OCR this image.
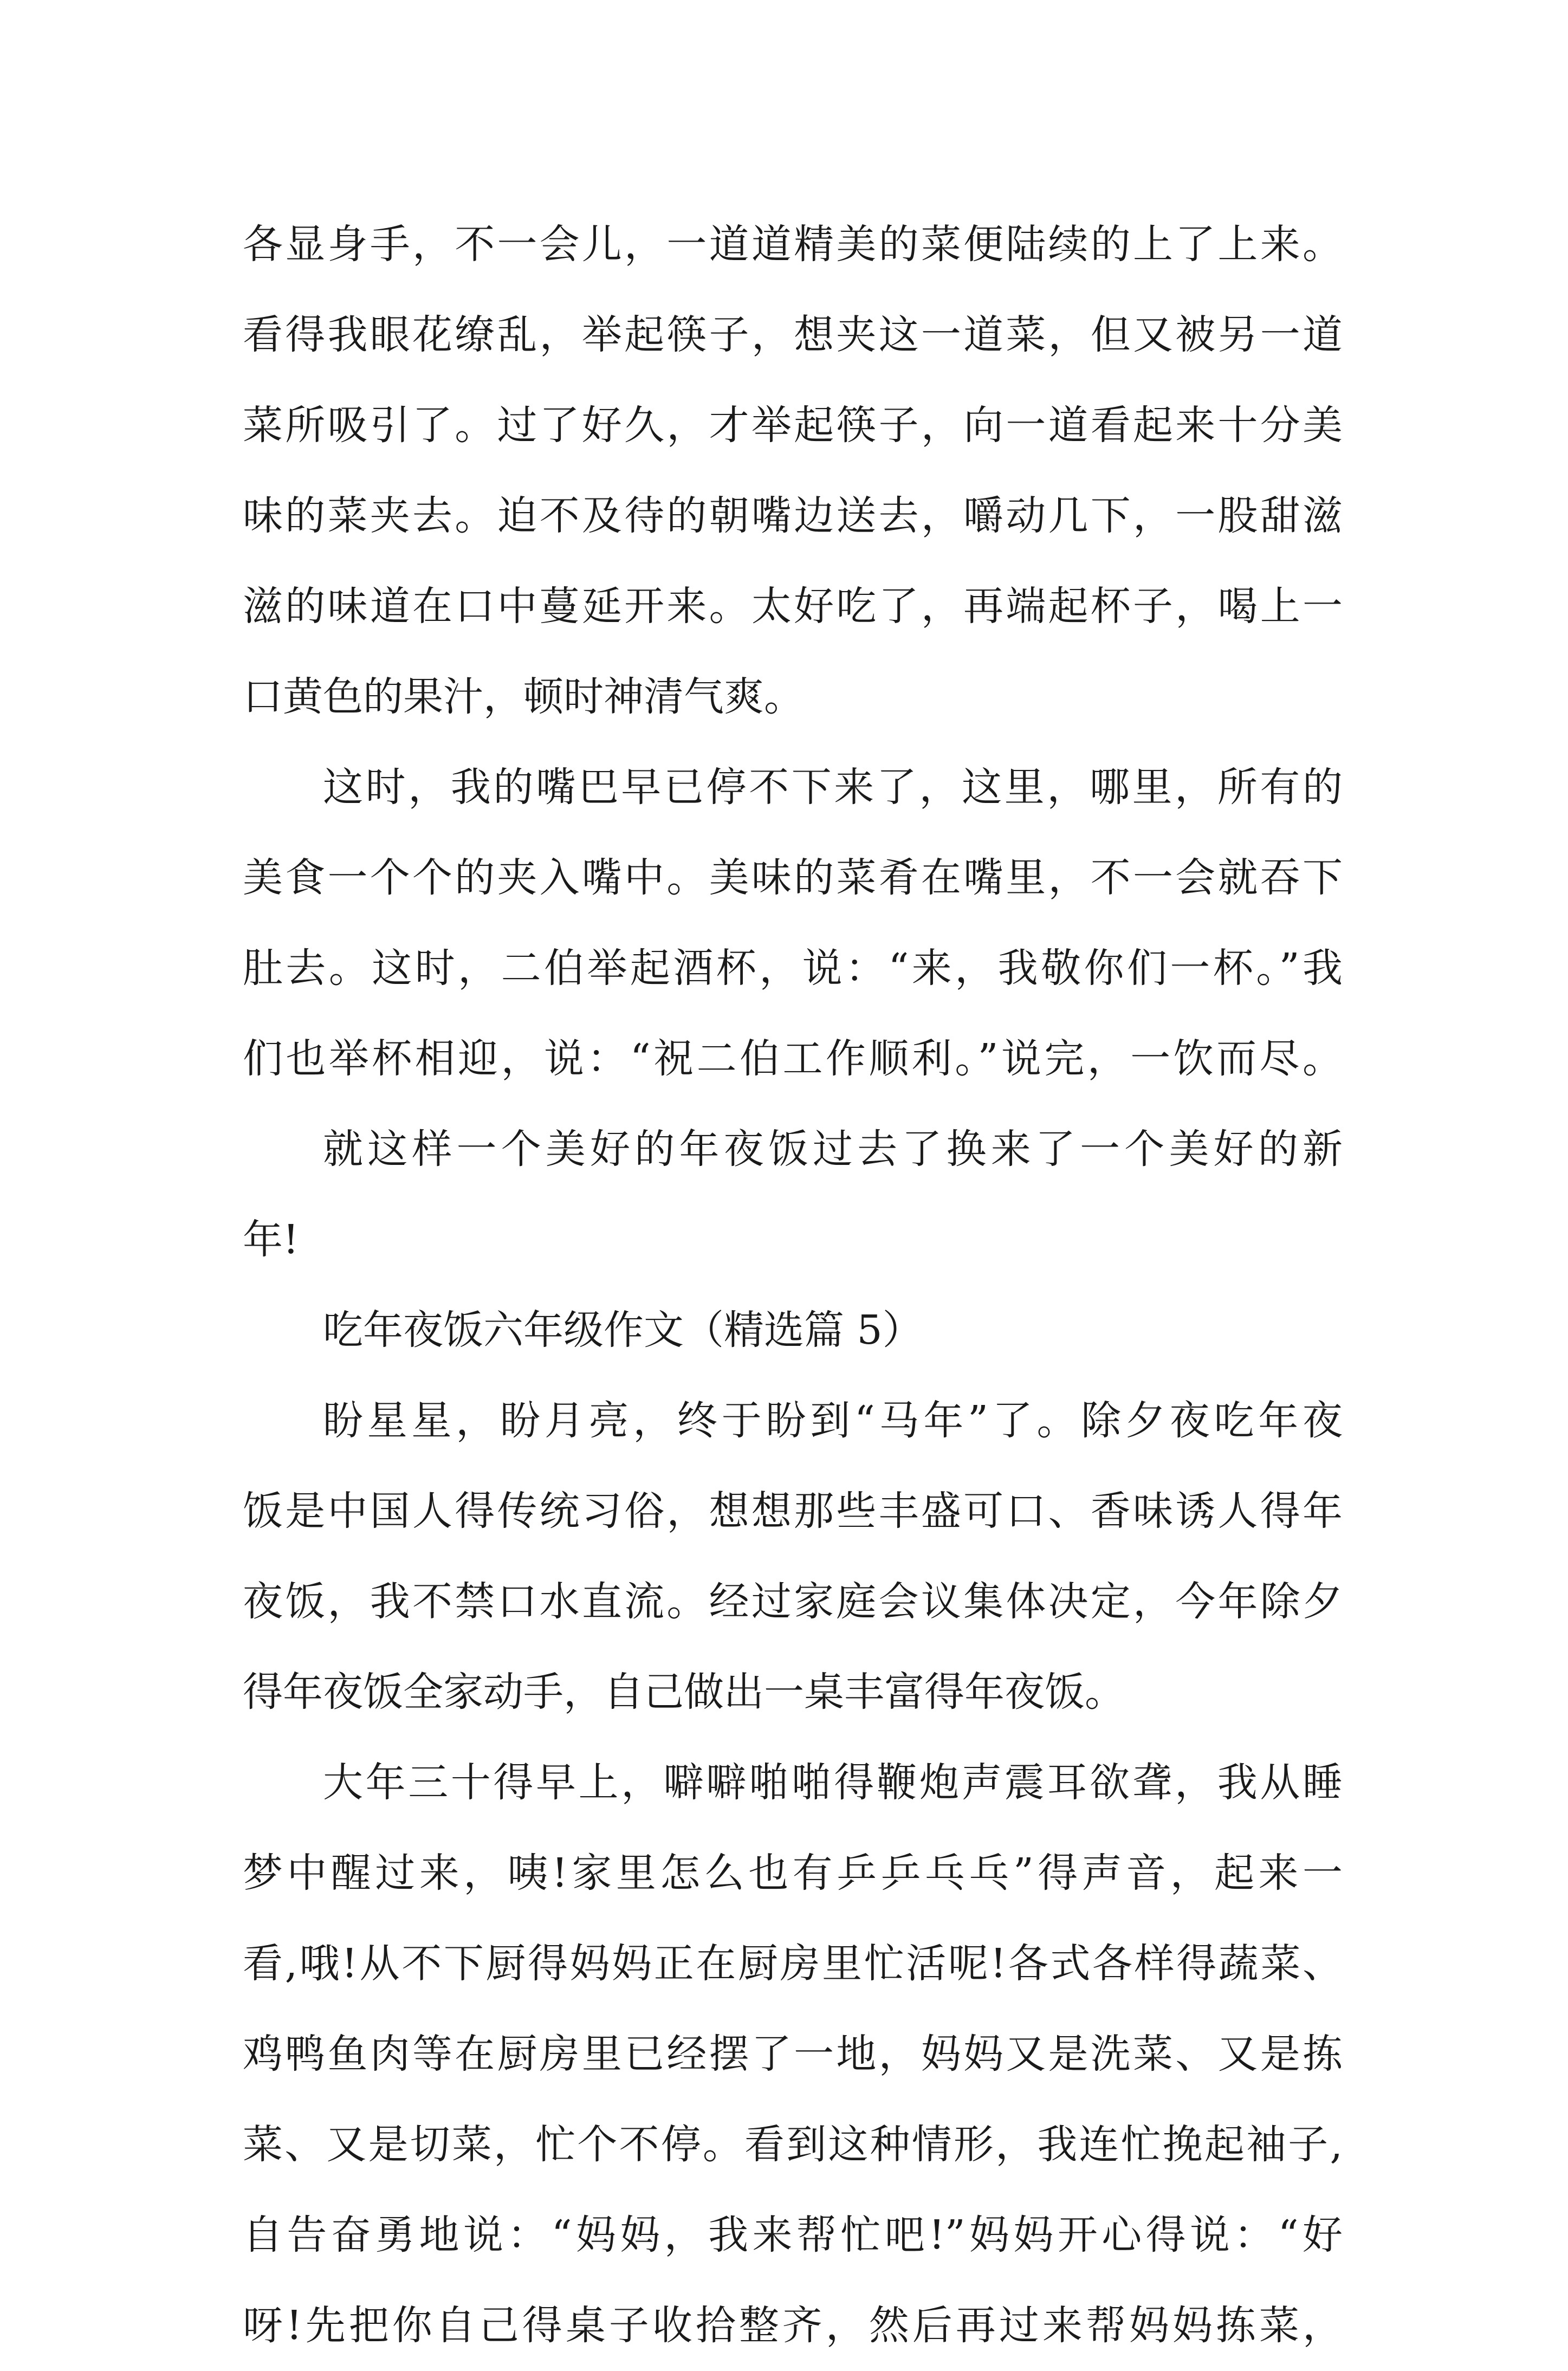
各显身手，不一会儿，一道道精美的菜便陆续的上了上来。
看得我眼花缭乱，举起筷子，想夹这一道菜，但又被另一道
菜所吸引了。过了好久，才举起筷子，向一道看起来十分美
味的菜夹去。迫不及待的朝嘴边送去，嚼动几下，一股甜滋
滋的味道在口中蔓延开来。太好吃了，再端起杯子，喝上一
口黄色的果汁，顿时神清气爽。
这时，我的嘴巴早已停不下来了，这里，哪里，所有的
美食一个个的夹入嘴中。美味的菜肴在嘴里，不一会就吞下
肚去。这时，二伯举起酒杯，说：“来，我敬你们一杯。”我
们也举杯相迎，说：“祝二伯工作顺利。”说完，一饮而尽。
就这样一个美好的年夜饭过去了换来了一个美好的新
年!
吃年夜饭六年级作文（精选篇 5）
盼星星，盼月亮，终于盼到“马年”了。除夕夜吃年夜
饭是中国人得传统习俗，想想那些丰盛可口、香味诱人得年
夜饭，我不禁口水直流。经过家庭会议集体决定，今年除夕
得年夜饭全家动手，自己做出一桌丰富得年夜饭。
大年三十得早上，噼噼啪啪得鞭炮声震耳欲聋，我从睡
梦中醒过来，咦!家里怎么也有乒乒乓乓”得声音，起来一
看,哦!从不下厨得妈妈正在厨房里忙活呢!各式各样得蔬菜、
鸡鸭鱼肉等在厨房里已经摆了一地，妈妈又是洗菜、又是拣
菜、又是切菜，忙个不停。看到这种情形，我连忙挽起袖子,
自告奋勇地说：“妈妈，我来帮忙吧!”妈妈开心得说：“好
呀!先把你自己得桌子收拾整齐，然后再过来帮妈妈拣菜，
